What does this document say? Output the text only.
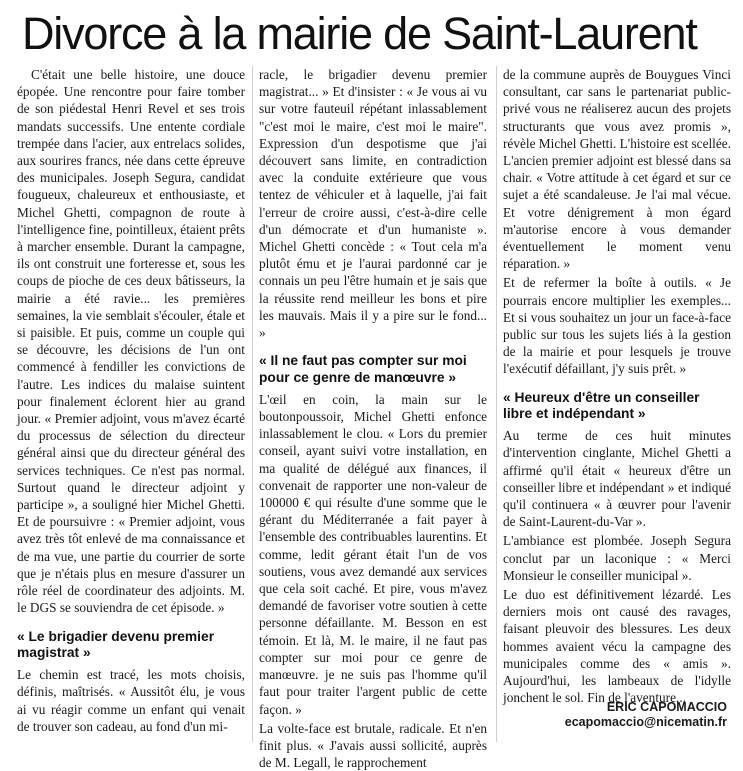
Divorce à la mairie de Saint-Laurent

C'était une belle histoire, une douce épopée. Une rencontre pour faire tomber de son piédestal Henri Revel et ses trois mandats successifs. Une entente cordiale trempée dans l'acier, aux entrelacs solides, aux sourires francs, née dans cette épreuve des municipales. Joseph Segura, candidat fougueux, chaleureux et enthousiaste, et Michel Ghetti, compagnon de route à l'intelligence fine, pointilleux, étaient prêts à marcher ensemble. Durant la campagne, ils ont construit une forteresse et, sous les coups de pioche de ces deux bâtisseurs, la mairie a été ravie... les premières semaines, la vie semblait s'écouler, étale et si paisible. Et puis, comme un couple qui se découvre, les décisions de l'un ont commencé à fendiller les convictions de l'autre. Les indices du malaise suintent pour finalement éclorent hier au grand jour. « Premier adjoint, vous m'avez écarté du processus de sélection du directeur général ainsi que du directeur général des services techniques. Ce n'est pas normal. Surtout quand le directeur adjoint y participe », a souligné hier Michel Ghetti. Et de poursuivre : « Premier adjoint, vous avez très tôt enlevé de ma connaissance et de ma vue, une partie du courrier de sorte que je n'étais plus en mesure d'assurer un rôle réel de coordinateur des adjoints. M. le DGS se souviendra de cet épisode. »

« Le brigadier devenu premier magistrat »

Le chemin est tracé, les mots choisis, définis, maîtrisés. « Aussitôt élu, je vous ai vu réagir comme un enfant qui venait de trouver son cadeau, au fond d'un mi-

racle, le brigadier devenu premier magistrat... » Et d'insister : « Je vous ai vu sur votre fauteuil répétant inlassablement "c'est moi le maire, c'est moi le maire". Expression d'un despotisme que j'ai découvert sans limite, en contradiction avec la conduite extérieure que vous tentez de véhiculer et à laquelle, j'ai fait l'erreur de croire aussi, c'est-à-dire celle d'un démocrate et d'un humaniste ». Michel Ghetti concède : « Tout cela m'a plutôt ému et je l'aurai pardonné car je connais un peu l'être humain et je sais que la réussite rend meilleur les bons et pire les mauvais. Mais il y a pire sur le fond... »

« Il ne faut pas compter sur moi pour ce genre de manœuvre »

L'œil en coin, la main sur le boutonpoussoir, Michel Ghetti enfonce inlassablement le clou. « Lors du premier conseil, ayant suivi votre installation, en ma qualité de délégué aux finances, il convenait de rapporter une non-valeur de 100000 € qui résulte d'une somme que le gérant du Méditerranée a fait payer à l'ensemble des contribuables laurentins. Et comme, ledit gérant était l'un de vos soutiens, vous avez demandé aux services que cela soit caché. Et pire, vous m'avez demandé de favoriser votre soutien à cette personne défaillante. M. Besson en est témoin. Et là, M. le maire, il ne faut pas compter sur moi pour ce genre de manœuvre. je ne suis pas l'homme qu'il faut pour traiter l'argent public de cette façon. »

La volte-face est brutale, radicale. Et n'en finit plus. « J'avais aussi sollicité, auprès de M. Legall, le rapprochement

de la commune auprès de Bouygues Vinci consultant, car sans le partenariat public-privé vous ne réaliserez aucun des projets structurants que vous avez promis », révèle Michel Ghetti. L'histoire est scellée. L'ancien premier adjoint est blessé dans sa chair. « Votre attitude à cet égard et sur ce sujet a été scandaleuse. Je l'ai mal vécue. Et votre dénigrement à mon égard m'autorise encore à vous demander éventuellement le moment venu réparation. »

Et de refermer la boîte à outils. « Je pourrais encore multiplier les exemples... Et si vous souhaitez un jour un face-à-face public sur tous les sujets liés à la gestion de la mairie et pour lesquels je trouve l'exécutif défaillant, j'y suis prêt. »

« Heureux d'être un conseiller libre et indépendant »

Au terme de ces huit minutes d'intervention cinglante, Michel Ghetti a affirmé qu'il était « heureux d'être un conseiller libre et indépendant » et indiqué qu'il continuera « à œuvrer pour l'avenir de Saint-Laurent-du-Var ».

L'ambiance est plombée. Joseph Segura conclut par un laconique : « Merci Monsieur le conseiller municipal ».

Le duo est définitivement lézardé. Les derniers mois ont causé des ravages, faisant pleuvoir des blessures. Les deux hommes avaient vécu la campagne des municipales comme des « amis ». Aujourd'hui, les lambeaux de l'idylle jonchent le sol. Fin de l'aventure...

ERIC CAPOMACCIO
ecapomaccio@nicematin.fr
